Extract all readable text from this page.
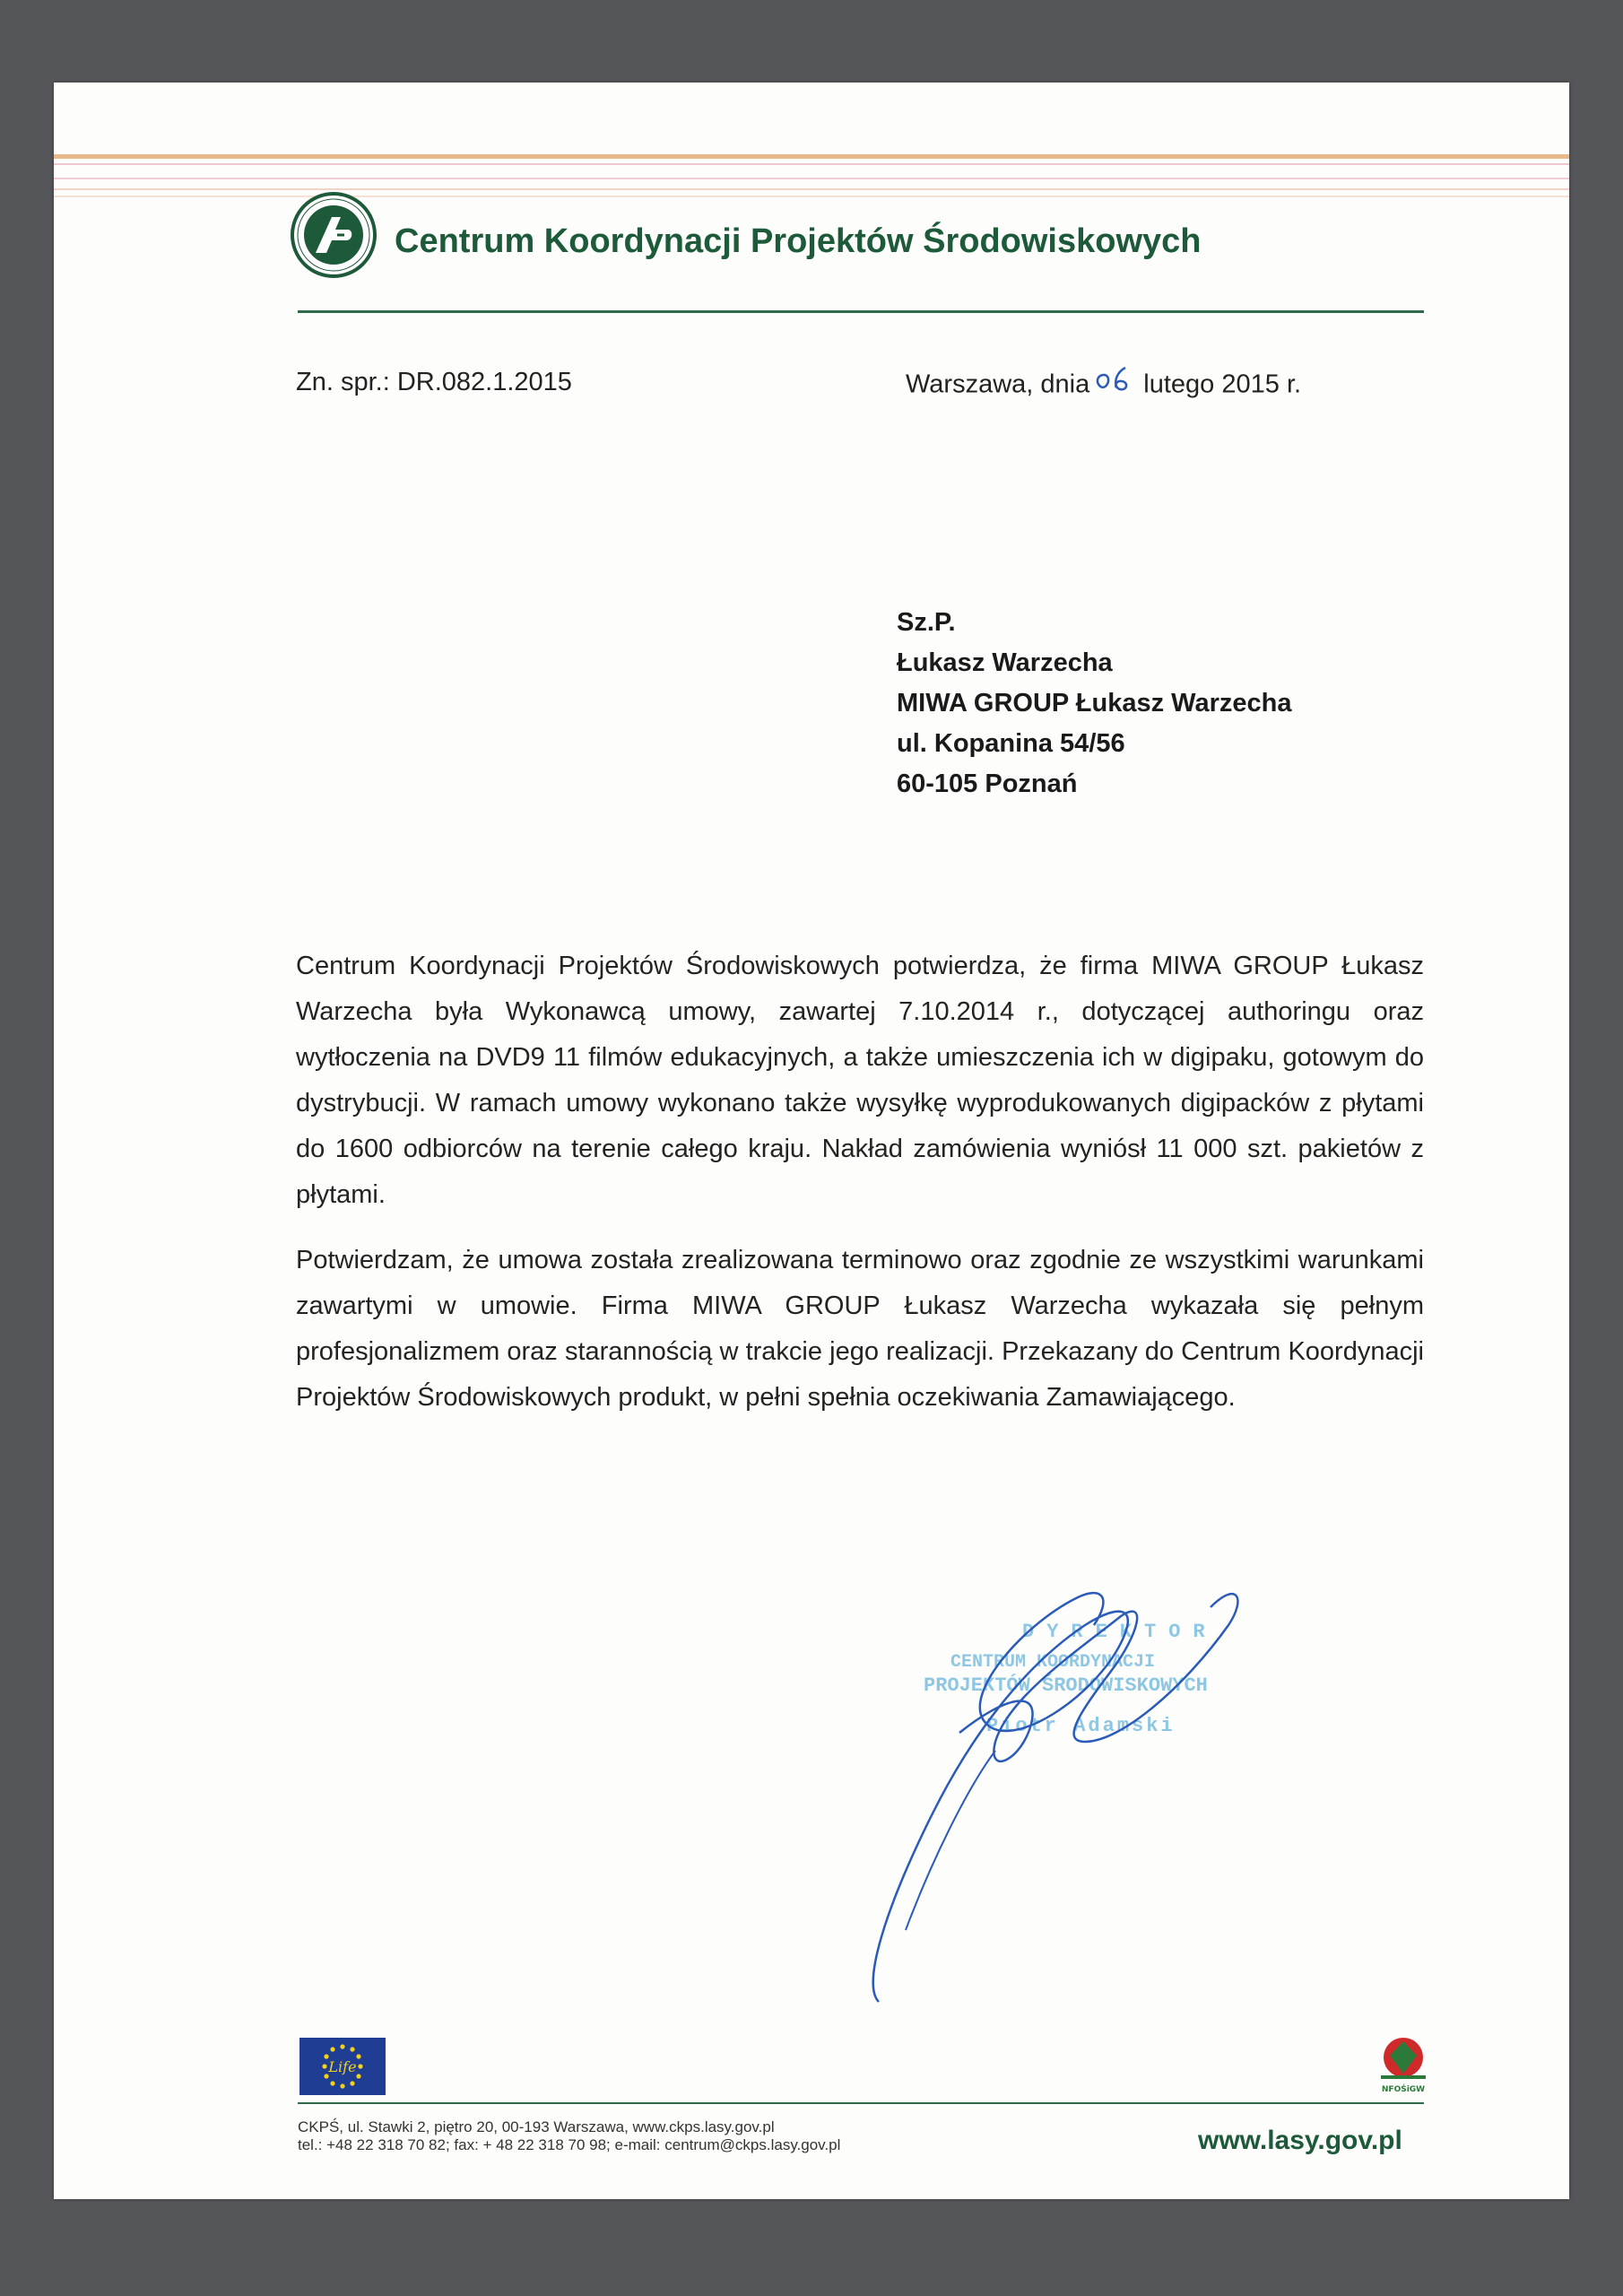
Centrum Koordynacji Projektów Środowiskowych
Zn. spr.: DR.082.1.2015	Warszawa, dnia lutego 2015 r.
Sz.P.
Łukasz Warzecha
MIWA GROUP Łukasz Warzecha
ul. Kopanina 54/56
60-105 Poznań

Centrum Koordynacji Projektów Środowiskowych potwierdza, że firma MIWA GROUP Łukasz Warzecha była Wykonawcą umowy, zawartej 7.10.2014 r., dotyczącej authoringu oraz wytłoczenia na DVD9 11 filmów edukacyjnych, a także umieszczenia ich w digipaku, gotowym do dystrybucji. W ramach umowy wykonano także wysyłkę wyprodukowanych digipacków z płytami do 1600 odbiorców na terenie całego kraju. Nakład zamówienia wyniósł 11 000 szt. pakietów z płytami.

Potwierdzam, że umowa została zrealizowana terminowo oraz zgodnie ze wszystkimi warunkami zawartymi w umowie. Firma MIWA GROUP Łukasz Warzecha wykazała się pełnym profesjonalizmem oraz starannością w trakcie jego realizacji. Przekazany do Centrum Koordynacji Projektów Środowiskowych produkt, w pełni spełnia oczekiwania Zamawiającego.

DYREKTOR
CENTRUM KOORDYNACJI
PROJEKTÓW ŚRODOWISKOWYCH
Piotr Adamski
Life
NFOŚiGW
CKPŚ, ul. Stawki 2, piętro 20, 00-193 Warszawa, www.ckps.lasy.gov.pl
tel.: +48 22 318 70 82; fax: + 48 22 318 70 98; e-mail: centrum@ckps.lasy.gov.pl	www.lasy.gov.pl
